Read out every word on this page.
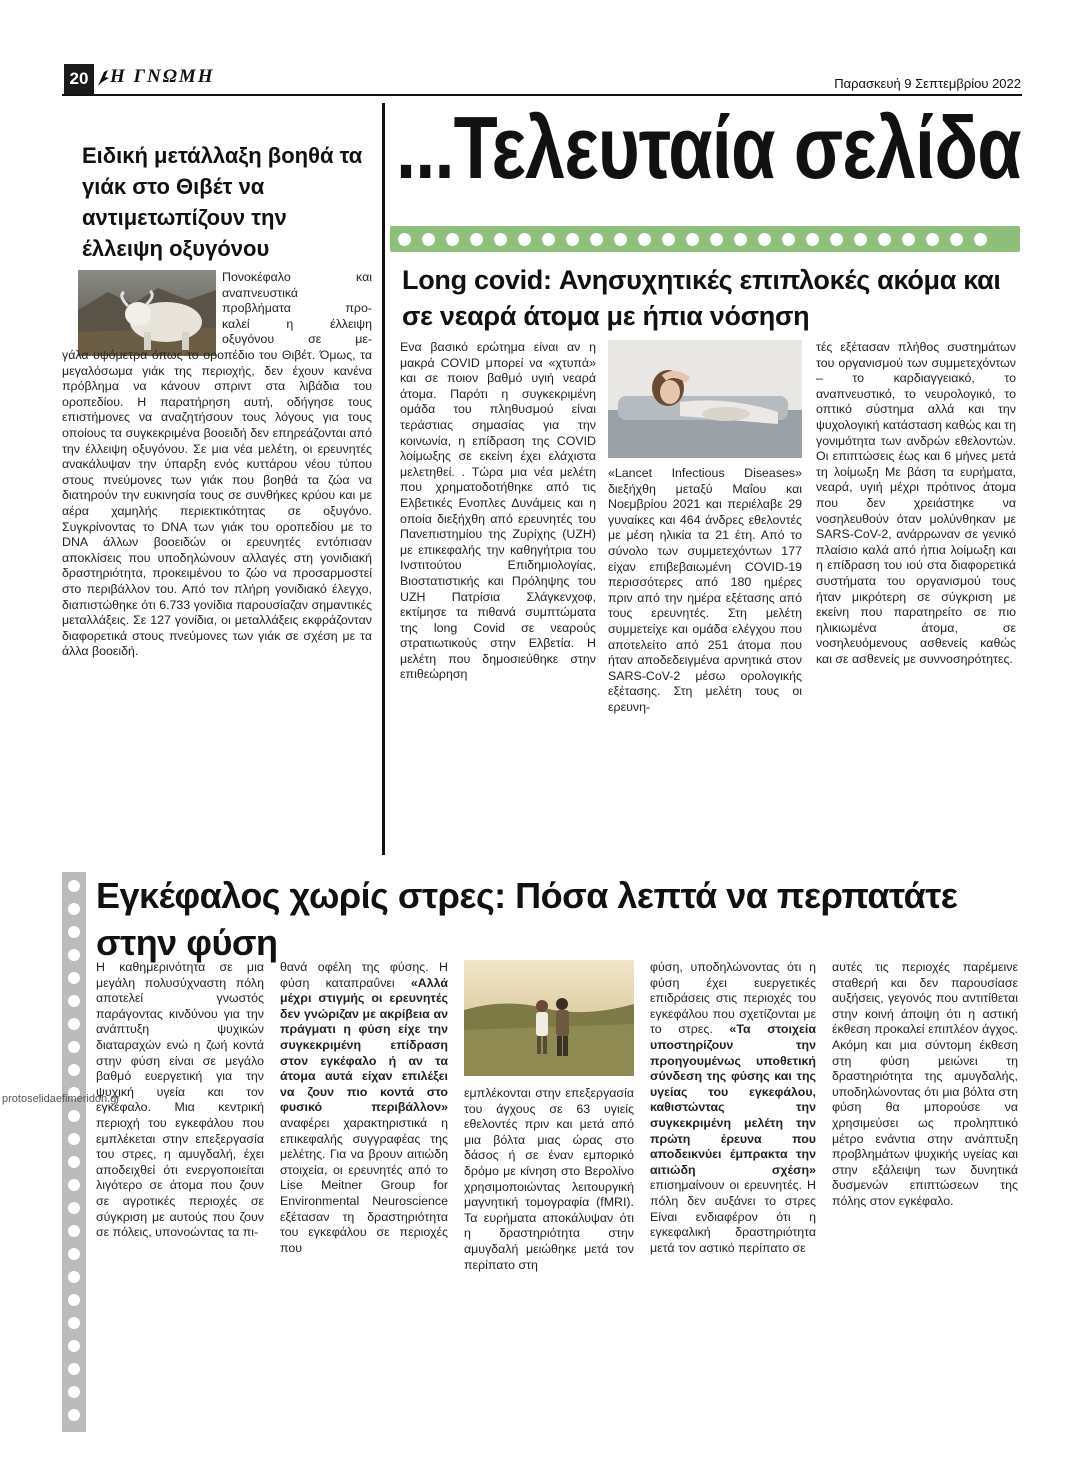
20 Η ΓΝΩΜΗ	Παρασκευή 9 Σεπτεμβρίου 2022
...Τελευταία σελίδα
Ειδική μετάλλαξη βοηθά τα γιάκ στο Θιβέτ να αντιμετωπίζουν την έλλειψη οξυγόνου

Πονοκέφαλο και

αναπνευστικά

προβλήματα προ-

καλεί η έλλειψη

οξυγόνου σε με-

γάλα υψόμετρα όπως το οροπέδιο του Θιβέτ. Όμως, τα μεγαλόσωμα γιάκ της περιοχής, δεν έχουν κανένα πρόβλημα να κάνουν σπριντ στα λιβάδια του οροπεδίου. Η παρατήρηση αυτή, οδήγησε τους επιστήμονες να αναζητήσουν τους λόγους για τους οποίους τα συγκεκριμένα βοοειδή δεν επηρεάζονται από την έλλειψη οξυγόνου. Σε μια νέα μελέτη, οι ερευνητές ανακάλυψαν την ύπαρξη ενός κυττάρου νέου τύπου στους πνεύμονες των γιάκ που βοηθά τα ζώα να διατηρούν την ευκινησία τους σε συνθήκες κρύου και με αέρα χαμηλής περιεκτικότητας σε οξυγόνο. Συγκρίνοντας το DNA των γιάκ του οροπεδίου με το DNA άλλων βοοειδών οι ερευνητές εντόπισαν αποκλίσεις που υποδηλώνουν αλλαγές στη γονιδιακή δραστηριότητα, προκειμένου το ζώο να προσαρμοστεί στο περιβάλλον του. Από τον πλήρη γονιδιακό έλεγχο, διαπιστώθηκε ότι 6.733 γονίδια παρουσίαζαν σημαντικές μεταλλάξεις. Σε 127 γονίδια, οι μεταλλάξεις εκφράζονταν διαφορετικά στους πνεύμονες των γιάκ σε σχέση με τα άλλα βοοειδή.

Long covid: Ανησυχητικές επιπλοκές ακόμα και σε νεαρά άτομα με ήπια νόσηση

Ενα βασικό ερώτημα είναι αν η μακρά COVID μπορεί να «χτυπά» και σε ποιον βαθμό υγιή νεαρά άτομα. Παρότι η συγκεκριμένη ομάδα του πληθυσμού είναι τεράστιας σημασίας για την κοινωνία, η επίδραση της COVID λοίμωξης σε εκείνη έχει ελάχιστα μελετηθεί. . Τώρα μια νέα μελέτη που χρηματοδοτήθηκε από τις Ελβετικές Ενοπλες Δυνάμεις και η οποία διεξήχθη από ερευνητές του Πανεπιστημίου της Ζυρίχης (UZH) με επικεφαλής την καθηγήτρια του Ινστιτούτου Επιδημιολογίας, Βιοστατιστικής και Πρόληψης του UZH Πατρίσια Σλάγκενχοφ, εκτίμησε τα πιθανά συμπτώματα της long Covid σε νεαρούς στρατιωτικούς στην Ελβετία. Η μελέτη που δημοσιεύθηκε στην επιθεώρηση

«Lancet Infectious Diseases» διεξήχθη μεταξύ Μαΐου και Νοεμβρίου 2021 και περιέλαβε 29 γυναίκες και 464 άνδρες εθελοντές με μέση ηλικία τα 21 έτη. Από το σύνολο των συμμετεχόντων 177 είχαν επιβεβαιωμένη COVID-19 περισσότερες από 180 ημέρες πριν από την ημέρα εξέτασης από τους ερευνητές. Στη μελέτη συμμετείχε και ομάδα ελέγχου που αποτελείτο από 251 άτομα που ήταν αποδεδειγμένα αρνητικά στον SARS-CoV-2 μέσω ορολογικής εξέτασης. Στη μελέτη τους οι ερευνη-

τές εξέτασαν πλήθος συστημάτων του οργανισμού των συμμετεχόντων – το καρδιαγγειακό, το αναπνευστικό, το νευρολογικό, το οπτικό σύστημα αλλά και την ψυχολογική κατάσταση καθώς και τη γονιμότητα των ανδρών εθελοντών. Οι επιπτώσεις έως και 6 μήνες μετά τη λοίμωξη Με βάση τα ευρήματα, νεαρά, υγιή μέχρι πρότινος άτομα που δεν χρειάστηκε να νοσηλευθούν όταν μολύνθηκαν με SARS-CoV-2, ανάρρωναν σε γενικό πλαίσιο καλά από ήπια λοίμωξη και η επίδραση του ιού στα διαφορετικά συστήματα του οργανισμού τους ήταν μικρότερη σε σύγκριση με εκείνη που παρατηρείτο σε πιο ηλικιωμένα άτομα, σε νοσηλευόμενους ασθενείς καθώς και σε ασθενείς με συννοσηρότητες.

Εγκέφαλος χωρίς στρες: Πόσα λεπτά να περπατάτε
στην φύση

Η καθημερινότητα σε μια μεγάλη πολυσύχναστη πόλη αποτελεί γνωστός παράγοντας κινδύνου για την ανάπτυξη ψυχικών διαταραχών ενώ η ζωή κοντά στην φύση είναι σε μεγάλο βαθμό ευεργετική για την ψυχική υγεία και τον εγκέφαλο. Μια κεντρική περιοχή του εγκεφάλου που εμπλέκεται στην επεξεργασία του στρες, η αμυγδαλή, έχει αποδειχθεί ότι ενεργοποιείται λιγότερο σε άτομα που ζουν σε αγροτικές περιοχές σε σύγκριση με αυτούς που ζουν σε πόλεις, υπονοώντας τα πι-

θανά οφέλη της φύσης. Η φύση καταπραΰνει «Αλλά μέχρι στιγμής οι ερευνητές δεν γνώριζαν με ακρίβεια αν πράγματι η φύση είχε την συγκεκριμένη επίδραση στον εγκέφαλο ή αν τα άτομα αυτά είχαν επιλέξει να ζουν πιο κοντά στο φυσικό περιβάλλον» αναφέρει χαρακτηριστικά η επικεφαλής συγγραφέας της μελέτης. Για να βρουν αιτιώδη στοιχεία, οι ερευνητές από το Lise Meitner Group for Environmental Neuroscience εξέτασαν τη δραστηριότητα του εγκεφάλου σε περιοχές που

εμπλέκονται στην επεξεργασία του άγχους σε 63 υγιείς εθελοντές πριν και μετά από μια βόλτα μιας ώρας στο δάσος ή σε έναν εμπορικό δρόμο με κίνηση στο Βερολίνο χρησιμοποιώντας λειτουργική μαγνητική τομογραφία (fMRI). Τα ευρήματα αποκάλυψαν ότι η δραστηριότητα στην αμυγδαλή μειώθηκε μετά τον περίπατο στη

φύση, υποδηλώνοντας ότι η φύση έχει ευεργετικές επιδράσεις στις περιοχές του εγκεφάλου που σχετίζονται με το στρες. «Τα στοιχεία υποστηρίζουν την προηγουμένως υποθετική σύνδεση της φύσης και της υγείας του εγκεφάλου, καθιστώντας την συγκεκριμένη μελέτη την πρώτη έρευνα που αποδεικνύει έμπρακτα την αιτιώδη σχέση» επισημαίνουν οι ερευνητές. Η πόλη δεν αυξάνει το στρες Είναι ενδιαφέρον ότι η εγκεφαλική δραστηριότητα μετά τον αστικό περίπατο σε

αυτές τις περιοχές παρέμεινε σταθερή και δεν παρουσίασε αυξήσεις, γεγονός που αντιτίθεται στην κοινή άποψη ότι η αστική έκθεση προκαλεί επιπλέον άγχος. Ακόμη και μια σύντομη έκθεση στη φύση μειώνει τη δραστηριότητα της αμυγδαλής, υποδηλώνοντας ότι μια βόλτα στη φύση θα μπορούσε να χρησιμεύσει ως προληπτικό μέτρο ενάντια στην ανάπτυξη προβλημάτων ψυχικής υγείας και στην εξάλειψη των δυνητικά δυσμενών επιπτώσεων της πόλης στον εγκέφαλο.

protoselidaefimeridon.gr
